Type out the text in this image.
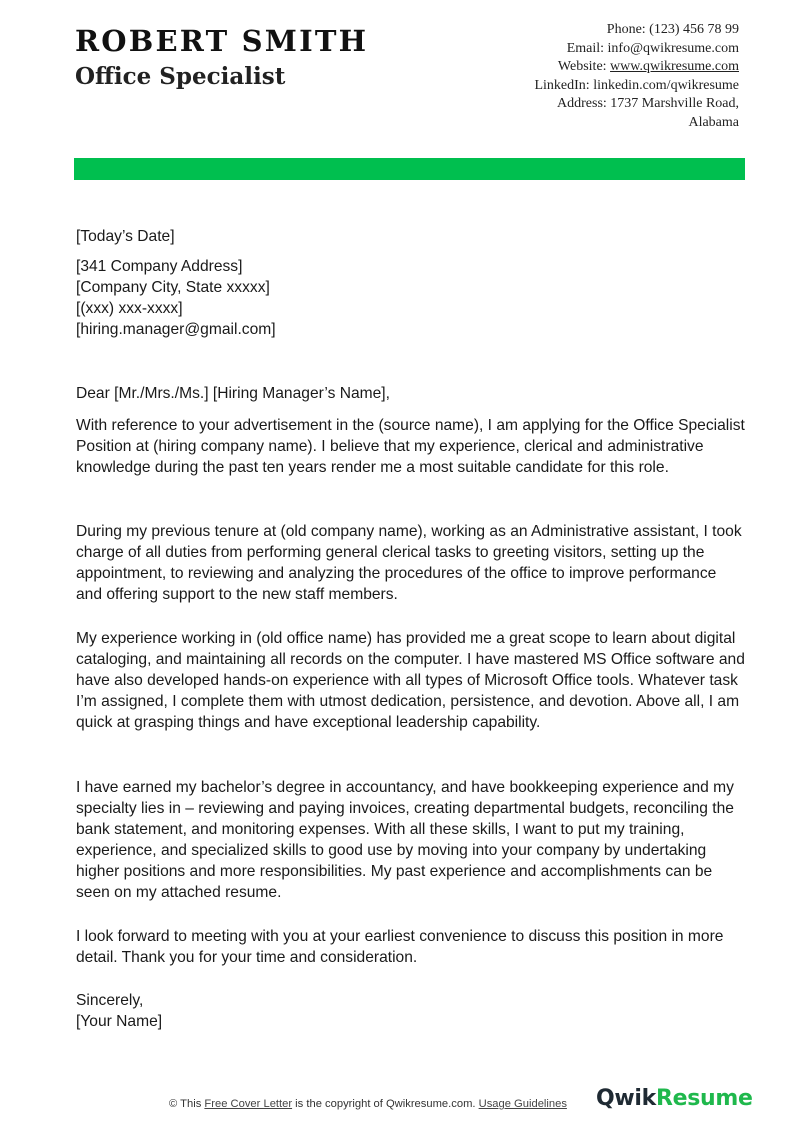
ROBERT SMITH
Office Specialist
Phone: (123) 456 78 99
Email: info@qwikresume.com
Website: www.qwikresume.com
LinkedIn: linkedin.com/qwikresume
Address: 1737 Marshville Road,
Alabama
[Today’s Date]

[341 Company Address]

[Company City, State xxxxx]

[(xxx) xxx-xxxx]

[hiring.manager@gmail.com]

Dear [Mr./Mrs./Ms.] [Hiring Manager’s Name],
With reference to your advertisement in the (source name), I am applying for the Office Specialist Position at (hiring company name). I believe that my experience, clerical and administrative knowledge during the past ten years render me a most suitable candidate for this role.
During my previous tenure at (old company name), working as an Administrative assistant, I took charge of all duties from performing general clerical tasks to greeting visitors, setting up the appointment, to reviewing and analyzing the procedures of the office to improve performance and offering support to the new staff members.
My experience working in (old office name) has provided me a great scope to learn about digital cataloging, and maintaining all records on the computer. I have mastered MS Office software and have also developed hands-on experience with all types of Microsoft Office tools. Whatever task I’m assigned, I complete them with utmost dedication, persistence, and devotion. Above all, I am quick at grasping things and have exceptional leadership capability.
I have earned my bachelor’s degree in accountancy, and have bookkeeping experience and my specialty lies in – reviewing and paying invoices, creating departmental budgets, reconciling the bank statement, and monitoring expenses. With all these skills, I want to put my training, experience, and specialized skills to good use by moving into your company by undertaking higher positions and more responsibilities. My past experience and accomplishments can be seen on my attached resume.
I look forward to meeting with you at your earliest convenience to discuss this position in more detail. Thank you for your time and consideration.

Sincerely,

[Your Name]

© This Free Cover Letter is the copyright of Qwikresume.com. Usage Guidelines QwikResume
